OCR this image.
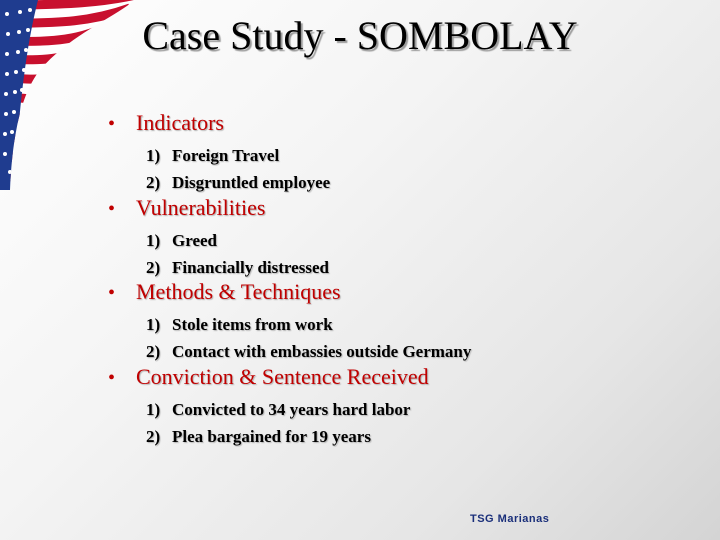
Case Study - SOMBOLAY
• Indicators
1) Foreign Travel
2) Disgruntled employee
• Vulnerabilities
1) Greed
2) Financially distressed
• Methods & Techniques
1) Stole items from work
2) Contact with embassies outside Germany
• Conviction & Sentence Received
1) Convicted to 34 years hard labor
2) Plea bargained for 19 years
TSG Marianas
